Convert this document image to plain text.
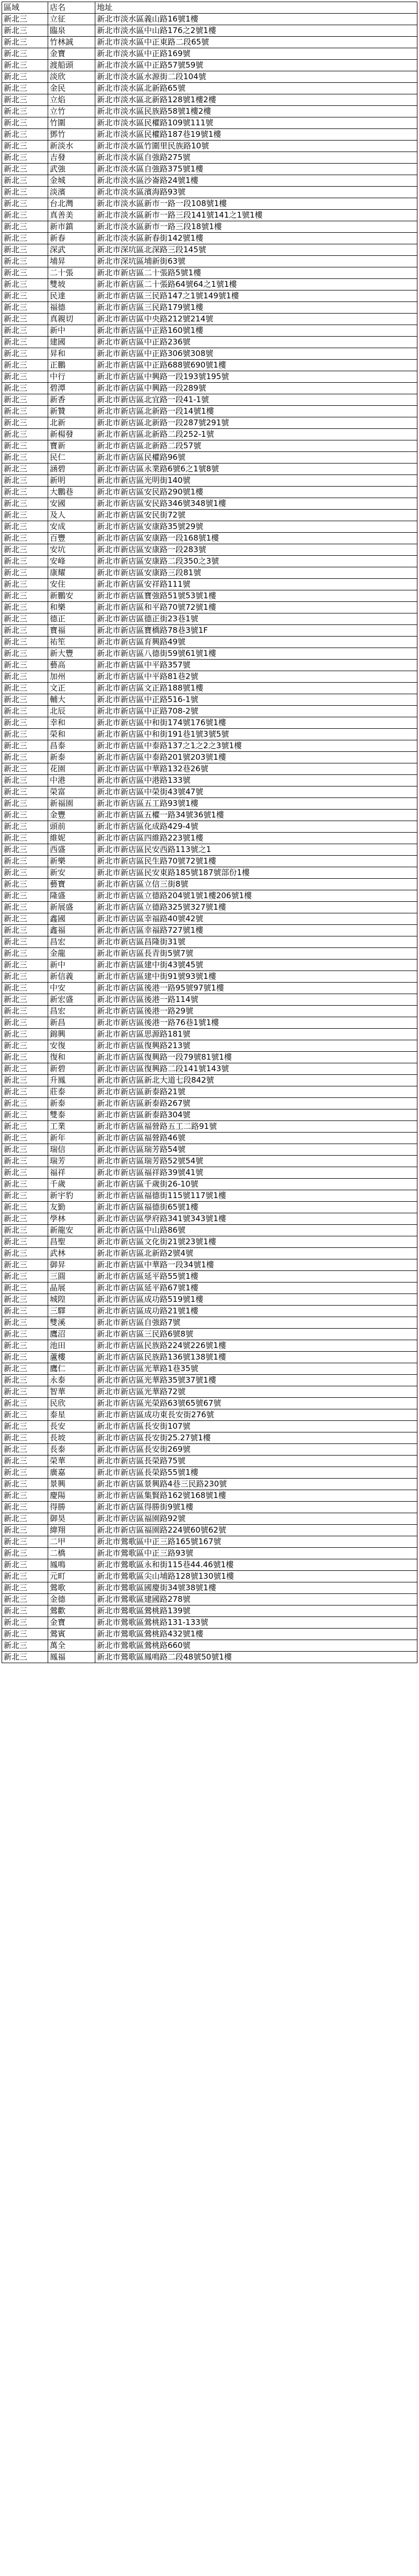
區域	店名	地址
新北三	立征	新北市淡水區義山路16號1樓
新北三	臨泉	新北市淡水區中山路176之2號1樓
新北三	竹林誠	新北市淡水區中正東路二段65號
新北三	金寶	新北市淡水區中正路169號
新北三	渡船頭	新北市淡水區中正路57號59號
新北三	淡欣	新北市淡水區水源街二段104號
新北三	金民	新北市淡水區北新路65號
新北三	立焰	新北市淡水區北新路128號1樓2樓
新北三	立竹	新北市淡水區民族路58號1樓2樓
新北三	竹圍	新北市淡水區民權路109號111號
新北三	鄧竹	新北市淡水區民權路187巷19號1樓
新北三	新淡水	新北市淡水區竹圍里民族路10號
新北三	吉發	新北市淡水區自強路275號
新北三	武強	新北市淡水區自強路375號1樓
新北三	金城	新北市淡水區沙崙路24號1樓
新北三	淡濱	新北市淡水區濱海路93號
新北三	台北灣	新北市淡水區新市一路一段108號1樓
新北三	真善美	新北市淡水區新市一路三段141號141之1號1樓
新北三	新市鎮	新北市淡水區新市一路三段18號1樓
新北三	新春	新北市淡水區新春街142號1樓
新北三	深武	新北市深坑區北深路三段145號
新北三	埔昇	新北市深坑區埔新街63號
新北三	二十張	新北市新店區二十張路5號1樓
新北三	雙坡	新北市新店區二十張路64號64之1號1樓
新北三	民達	新北市新店區三民路147之1號149號1樓
新北三	福德	新北市新店區三民路179號1樓
新北三	真親切	新北市新店區中央路212號214號
新北三	新中	新北市新店區中正路160號1樓
新北三	建國	新北市新店區中正路236號
新北三	昇和	新北市新店區中正路306號308號
新北三	正鵬	新北市新店區中正路688號690號1樓
新北三	中行	新北市新店區中興路一段193號195號
新北三	碧潭	新北市新店區中興路一段289號
新北三	新香	新北市新店區北宜路一段41-1號
新北三	新贊	新北市新店區北新路一段14號1樓
新北三	北新	新北市新店區北新路一段287號291號
新北三	新楊發	新北市新店區北新路二段252-1號
新北三	寶新	新北市新店區北新路二段57號
新北三	民仁	新北市新店區民權路96號
新北三	涵碧	新北市新店區永業路6號6之1號8號
新北三	新明	新北市新店區光明街140號
新北三	大鵬巷	新北市新店區安民路290號1樓
新北三	安國	新北市新店區安民路346號348號1樓
新北三	及人	新北市新店區安民街72號
新北三	安成	新北市新店區安康路35號29號
新北三	百豐	新北市新店區安康路一段168號1樓
新北三	安坑	新北市新店區安康路一段283號
新北三	安峰	新北市新店區安康路二段350之3號
新北三	康耀	新北市新店區安康路三段81號
新北三	安住	新北市新店區安祥路111號
新北三	新鵬安	新北市新店區寶強路51號53號1樓
新北三	和樂	新北市新店區和平路70號72號1樓
新北三	德正	新北市新店區德正街23巷1號
新北三	寶福	新北市新店區寶橋路78巷3號1F
新北三	祐笙	新北市新店區育興路49號
新北三	新大豐	新北市新店區八德街59號61號1樓
新北三	藝高	新北市新店區中平路357號
新北三	加州	新北市新店區中平路81巷2號
新北三	文正	新北市新店區文正路188號1樓
新北三	輔大	新北市新店區中正路516-1號
新北三	北辰	新北市新店區中正路708-2號
新北三	幸和	新北市新店區中和街174號176號1樓
新北三	榮和	新北市新店區中和街191巷1號3號5號
新北三	昌泰	新北市新店區中泰路137之1之2之3號1樓
新北三	新泰	新北市新店區中泰路201號203號1樓
新北三	花園	新北市新店區中華路132巷26號
新北三	中港	新北市新店區中港路133號
新北三	榮富	新北市新店區中榮街43號47號
新北三	新福園	新北市新店區五工路93號1樓
新北三	金豐	新北市新店區五權一路34號36號1樓
新北三	頭前	新北市新店區化成路429-4號
新北三	維妮	新北市新店區四維路223號1樓
新北三	西盛	新北市新店區民安西路113號之1
新北三	新樂	新北市新店區民生路70號72號1樓
新北三	新安	新北市新店區民安東路185號187號部份1樓
新北三	藝寶	新北市新店區立信三街8號
新北三	隆盛	新北市新店區立德路204號1號1樓206號1樓
新北三	新展盛	新北市新店區立德路325號327號1樓
新北三	鑫國	新北市新店區幸福路40號42號
新北三	鑫福	新北市新店區幸福路727號1樓
新北三	昌宏	新北市新店區昌隆街31號
新北三	金龍	新北市新店區長青街5號7號
新北三	新中	新北市新店區建中街43號45號
新北三	新信義	新北市新店區建中街91號93號1樓
新北三	中安	新北市新店區後港一路95號97號1樓
新北三	新宏盛	新北市新店區後港一路114號
新北三	昌宏	新北市新店區後港一路29號
新北三	新昌	新北市新店區後港一路76巷1號1樓
新北三	錦興	新北市新店區思源路181號
新北三	安復	新北市新店區復興路213號
新北三	復和	新北市新店區復興路一段79號81號1樓
新北三	新碧	新北市新店區復興路二段141號143號
新北三	升鳳	新北市新店區新北大道七段842號
新北三	莊泰	新北市新店區新泰路21號
新北三	新泰	新北市新店區新泰路267號
新北三	雙泰	新北市新店區新泰路304號
新北三	工業	新北市新店區福營路五工二路91號
新北三	新年	新北市新店區福營路46號
新北三	瑞信	新北市新店區瑞芳路54號
新北三	瑞芳	新北市新店區瑞芳路52號54號
新北三	福祥	新北市新店區福祥路39號41號
新北三	千歲	新北市新店區千歲街26-10號
新北三	新宇豹	新北市新店區福德街115號117號1樓
新北三	友勤	新北市新店區福德街65號1樓
新北三	學林	新北市新店區學府路341號343號1樓
新北三	新龍安	新北市新店區中山路86號
新北三	昌聖	新北市新店區文化街21號23號1樓
新北三	武林	新北市新店區北新路2號4號
新北三	御昇	新北市新店區中華路一段34號1樓
新北三	三圓	新北市新店區延平路55號1樓
新北三	晶展	新北市新店區延平路67號1樓
新北三	城隍	新北市新店區成功路519號1樓
新北三	三驛	新北市新店區成功路21號1樓
新北三	雙溪	新北市新店區自強路7號
新北三	鷹沼	新北市新店區三民路6號8號
新北三	池田	新北市新店區民族路224號226號1樓
新北三	蘆樓	新北市新店區民族路136號138號1樓
新北三	鷹仁	新北市新店區光華路1巷35號
新北三	永泰	新北市新店區光華路35號37號1樓
新北三	智華	新北市新店區光華路72號
新北三	民欣	新北市新店區光榮路63號65號67號
新北三	泰星	新北市新店區成功東長安街276號
新北三	長安	新北市新店區長安街107號
新北三	長坡	新北市新店區長安街25.27號1樓
新北三	長泰	新北市新店區長安街269號
新北三	榮華	新北市新店區長榮路75號
新北三	廣嘉	新北市新店區長榮路55號1樓
新北三	景興	新北市新店區景興路4巷三民路230號
新北三	慶陽	新北市新店區集賢路162號168號1樓
新北三	得勝	新北市新店區得勝街9號1樓
新北三	御昊	新北市新店區福園路92號
新北三	緯翔	新北市新店區福園路224號60號62號
新北三	二甲	新北市鶯歌區中正三路165號167號
新北三	二橋	新北市鶯歌區中正三路93號
新北三	鳳鳴	新北市鶯歌區永和街115巷44.46號1樓
新北三	元町	新北市鶯歌區尖山埔路128號130號1樓
新北三	鶯歌	新北市鶯歌區國慶街34號38號1樓
新北三	金德	新北市鶯歌區建國路278號
新北三	鶯歡	新北市鶯歌區鶯桃路139號
新北三	金寶	新北市鶯歌區鶯桃路131-133號
新北三	鶯賓	新北市鶯歌區鶯桃路432號1樓
新北三	萬全	新北市鶯歌區鶯桃路660號
新北三	鳳福	新北市鶯歌區鳳鳴路二段48號50號1樓
